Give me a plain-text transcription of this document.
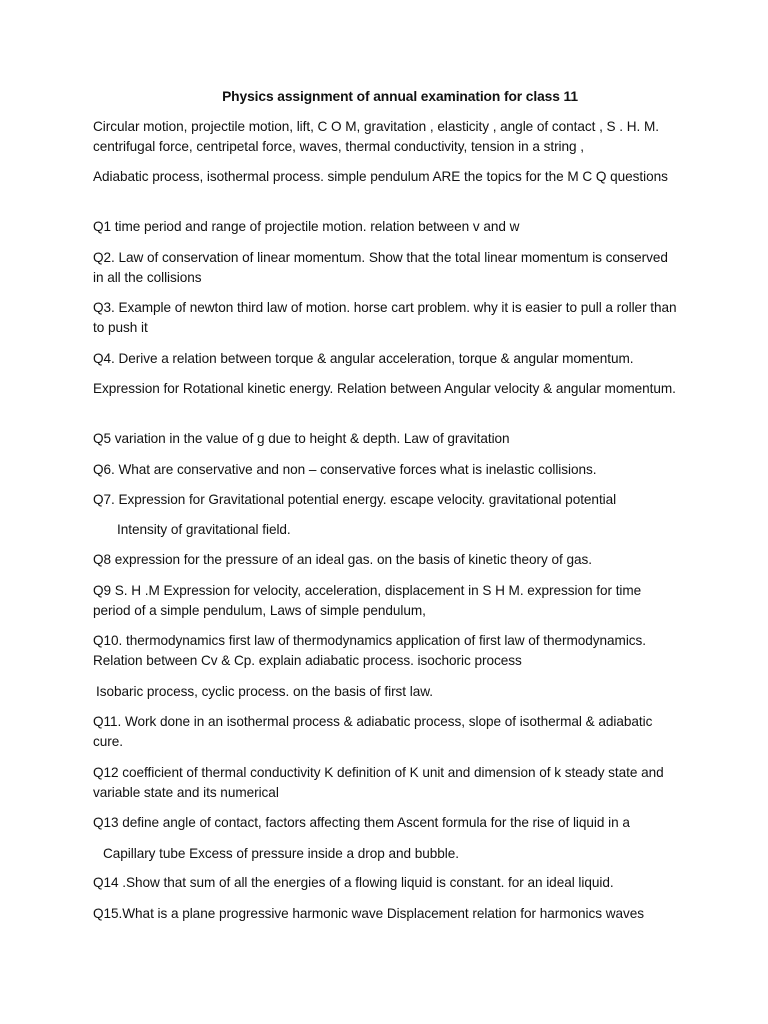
Physics assignment of annual examination for class 11
Circular motion, projectile motion, lift, C O M, gravitation , elasticity , angle of contact , S . H. M. centrifugal force, centripetal force, waves, thermal conductivity, tension in a string ,
Adiabatic process, isothermal process. simple pendulum ARE the topics for the M C Q questions
Q1 time period and range of projectile motion. relation between v and w
Q2. Law of conservation of linear momentum. Show that the total linear momentum is conserved in all the collisions
Q3. Example of newton third law of motion. horse cart problem. why it is easier to pull a roller than to push it
Q4. Derive a relation between torque & angular acceleration, torque & angular momentum.
Expression for Rotational kinetic energy. Relation between Angular velocity & angular momentum.
Q5 variation in the value of g due to height & depth. Law of gravitation
Q6. What are conservative and non – conservative forces what is inelastic collisions.
Q7. Expression for Gravitational potential energy. escape velocity. gravitational potential
Intensity of gravitational field.
Q8 expression for the pressure of an ideal gas. on the basis of kinetic theory of gas.
Q9 S. H .M Expression for velocity, acceleration, displacement in S H M. expression for time period of a simple pendulum, Laws of simple pendulum,
Q10. thermodynamics first law of thermodynamics application of first law of thermodynamics. Relation between Cv & Cp. explain adiabatic process. isochoric process
Isobaric process, cyclic process. on the basis of first law.
Q11. Work done in an isothermal process & adiabatic process, slope of isothermal & adiabatic cure.
Q12 coefficient of thermal conductivity K definition of K unit and dimension of k steady state and variable state and its numerical
Q13 define angle of contact, factors affecting them Ascent formula for the rise of liquid in a
Capillary tube Excess of pressure inside a drop and bubble.
Q14 .Show that sum of all the energies of a flowing liquid is constant. for an ideal liquid.
Q15.What is a plane progressive harmonic wave Displacement relation for harmonics waves
